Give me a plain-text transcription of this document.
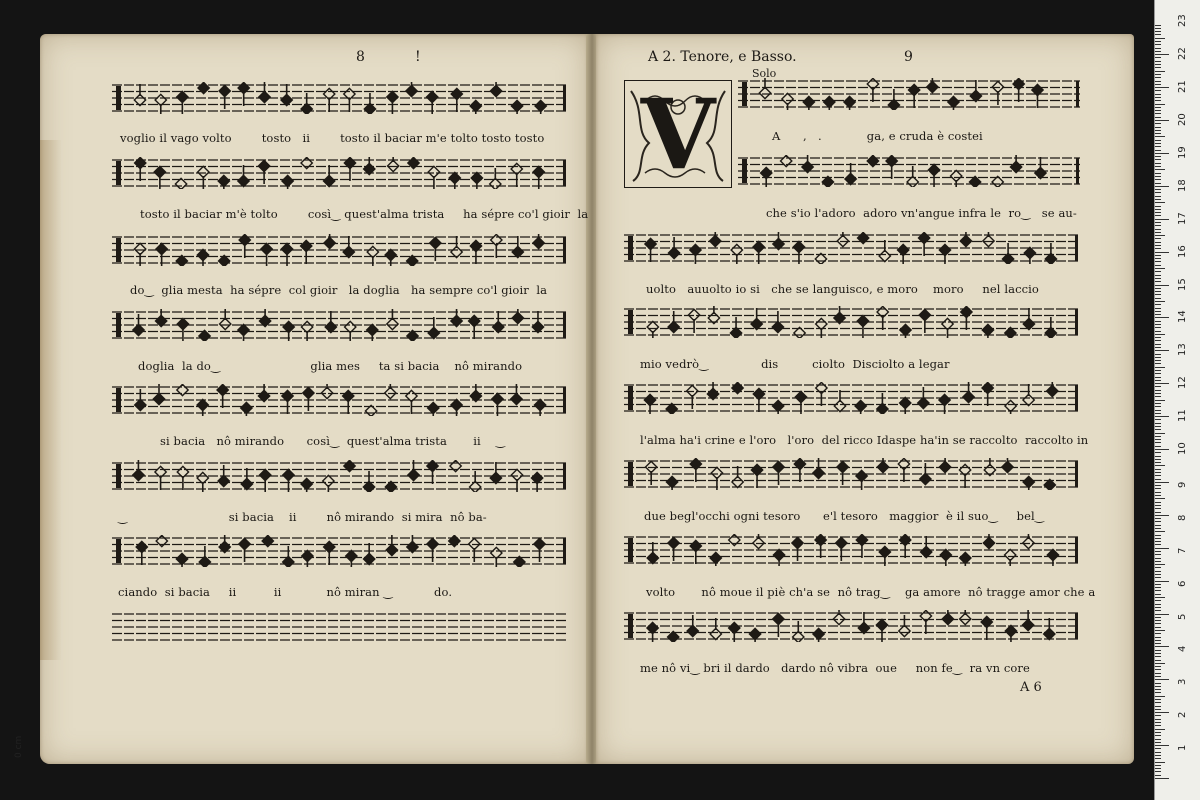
8	!
voglio il vago volto        tosto   ii        tosto il baciar m'e tolto tosto tosto
tosto il baciar m'è tolto        così‿ quest'alma trista     ha sépre co'l gioir  la
do‿  glia mesta  ha sépre  col gioir   la doglia   ha sempre co'l gioir  la
doglia  la do‿                        glia mes     ta si bacia    nô mirando
si bacia   nô mirando      così‿  quest'alma trista       ii    ‿
‿                           si bacia    ii        nô mirando  si mira  nô ba-
ciando  si bacia     ii          ii            nô miran ‿           do.
A 2. Tenore, e Basso.	9
Solo
V	A      ,   .            ga, e cruda è costei
che s'io l'adoro  adoro vn'angue infra le  ro‿   se au-
uolto   auuolto io si   che se languisco, e moro    moro     nel laccio
mio vedrò‿              dis         ciolto  Disciolto a legar
l'alma ha'i crine e l'oro   l'oro  del ricco Idaspe ha'in se raccolto  raccolto in
due begl'occhi ogni tesoro      e'l tesoro   maggior  è il suo‿     bel‿
volto       nô moue il piè ch'a se  nô trag‿    ga amore  nô tragge amor che a
me nô vi‿ bri il dardo   dardo nô vibra  oue     non fe‿  ra vn core
A 6
1
2
3
4
5
6
7
8
9
10
11
12
13
14
15
16
17
18
19
20
21
22
23
0 cm
